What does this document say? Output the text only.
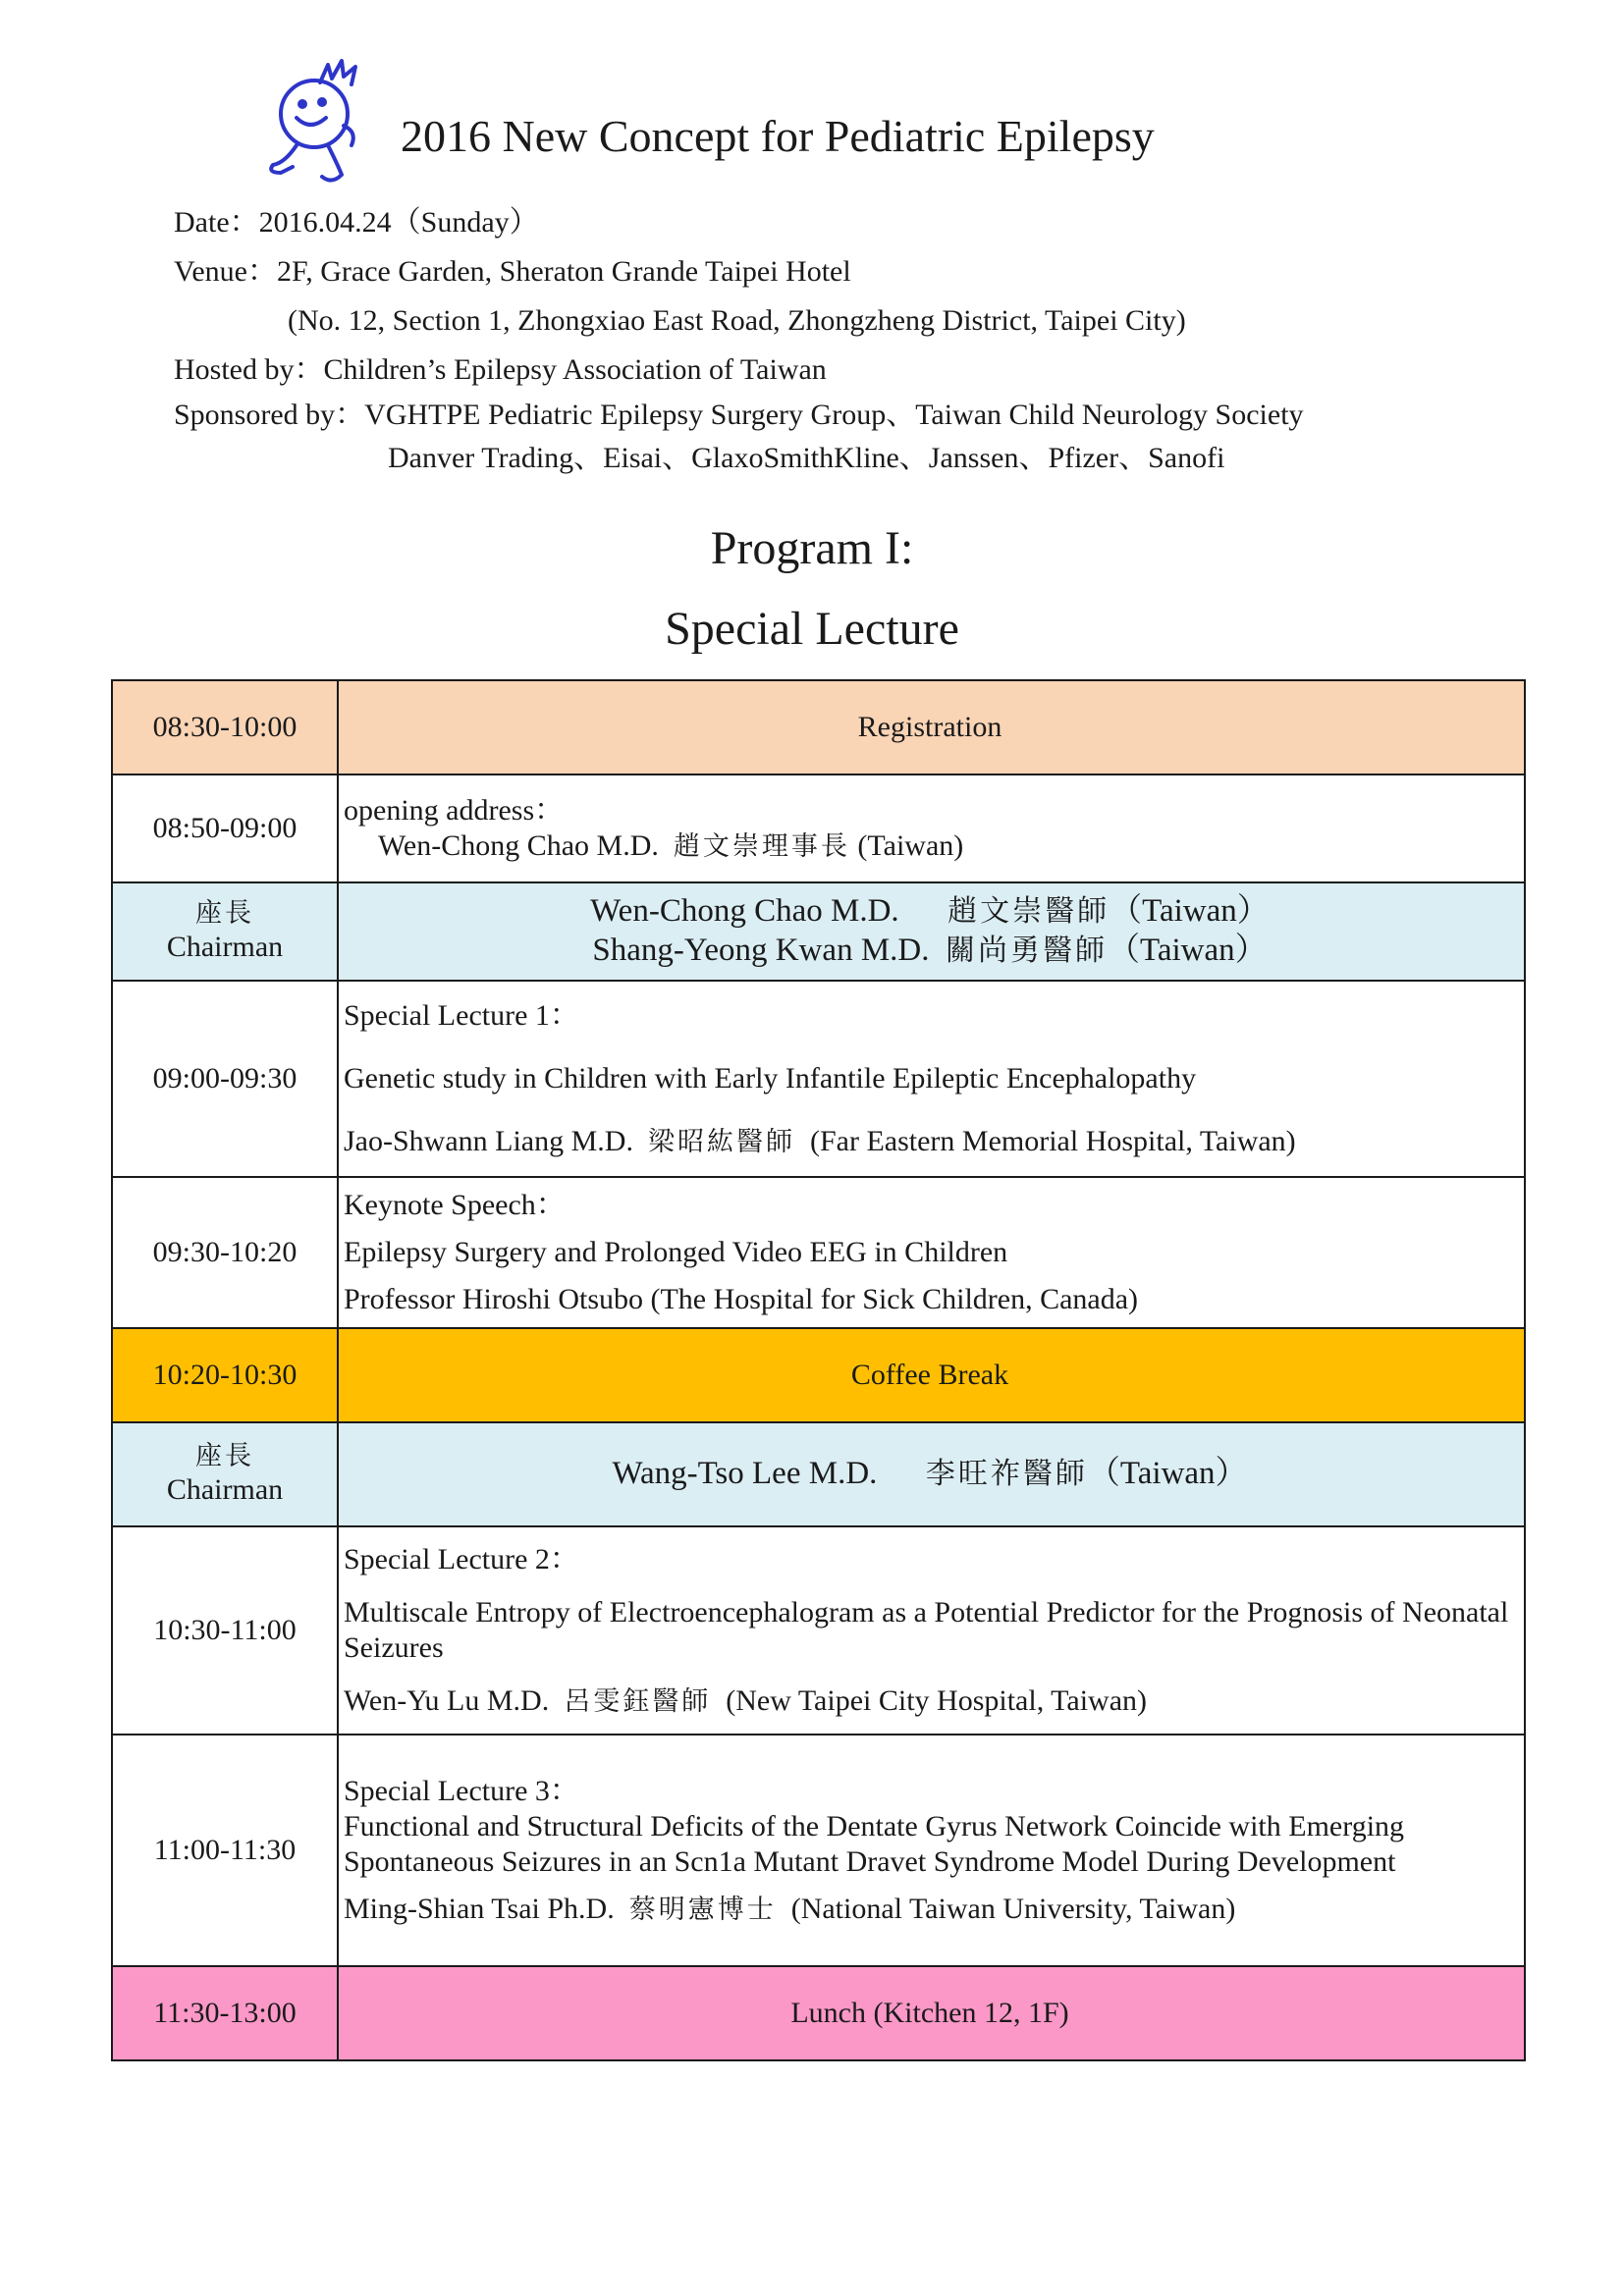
2016 New Concept for Pediatric Epilepsy
Date：2016.04.24（Sunday）
Venue：2F, Grace Garden, Sheraton Grande Taipei Hotel
(No. 12, Section 1, Zhongxiao East Road, Zhongzheng District, Taipei City)
Hosted by：Children’s Epilepsy Association of Taiwan
Sponsored by：VGHTPE Pediatric Epilepsy Surgery Group、Taiwan Child Neurology Society
Danver Trading、Eisai、GlaxoSmithKline、Janssen、Pfizer、Sanofi
Program I:
Special Lecture
08:30-10:00	Registration
08:50-09:00	opening address：
Wen-Chong Chao M.D. 趙文崇理事長 (Taiwan)

座長
Chairman	Wen-Chong Chao M.D. 趙文崇醫師（Taiwan）
Shang-Yeong Kwan M.D. 關尚勇醫師（Taiwan）

09:00-09:30	Special Lecture 1：
Genetic study in Children with Early Infantile Epileptic Encephalopathy
Jao-Shwann Liang M.D. 梁昭紘醫師 (Far Eastern Memorial Hospital, Taiwan)

09:30-10:20	Keynote Speech：
Epilepsy Surgery and Prolonged Video EEG in Children
Professor Hiroshi Otsubo (The Hospital for Sick Children, Canada)

10:20-10:30	Coffee Break

座長
Chairman	Wang-Tso Lee M.D. 李旺祚醫師（Taiwan）
10:30-11:00	Special Lecture 2：
Multiscale Entropy of Electroencephalogram as a Potential Predictor for the Prognosis of Neonatal Seizures
Wen-Yu Lu M.D. 呂雯鈺醫師 (New Taipei City Hospital, Taiwan)

11:00-11:30	Special Lecture 3：
Functional and Structural Deficits of the Dentate Gyrus Network Coincide with Emerging Spontaneous Seizures in an Scn1a Mutant Dravet Syndrome Model During Development
Ming-Shian Tsai Ph.D. 蔡明憲博士 (National Taiwan University, Taiwan)

11:30-13:00	Lunch (Kitchen 12, 1F)
